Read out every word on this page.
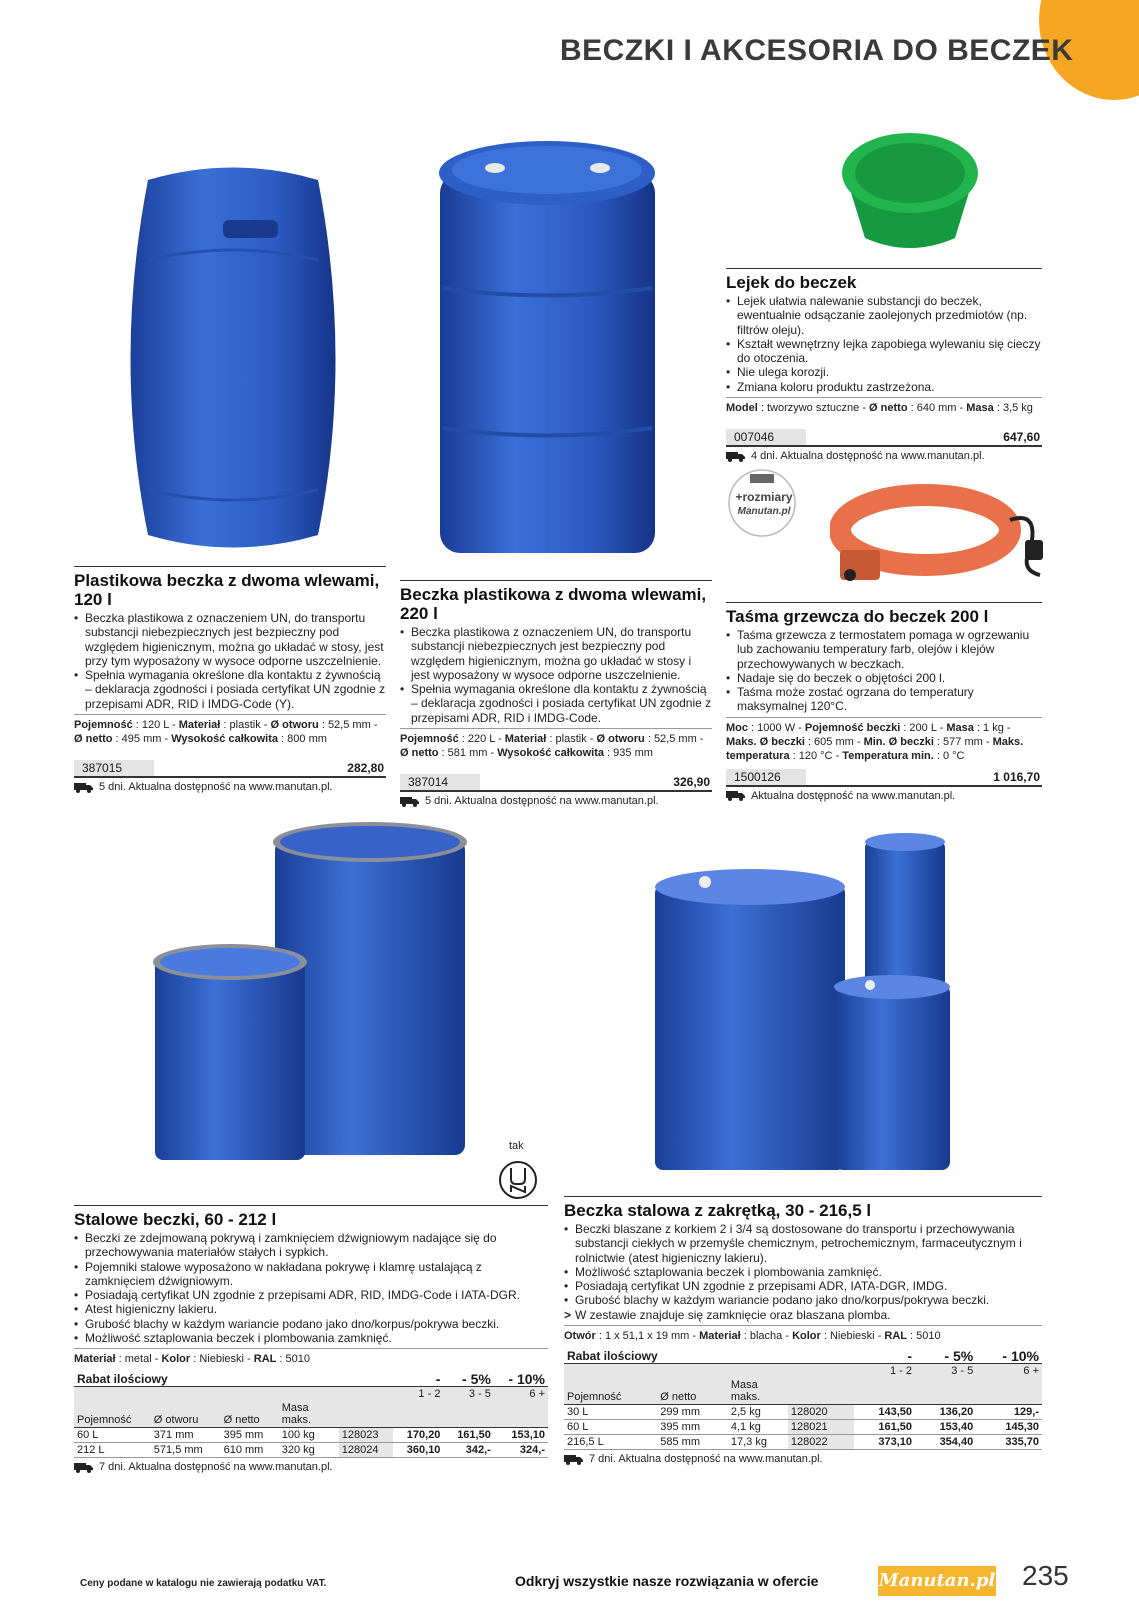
BECZKI I AKCESORIA DO BECZEK
+rozmiary
Manutan.pl
Lejek do beczek
• Lejek ułatwia nalewanie substancji do beczek, ewentualnie odsączanie zaolejonych przedmiotów (np. filtrów oleju).
• Kształt wewnętrzny lejka zapobiega wylewaniu się cieczy do otoczenia.
• Nie ulega korozji.
• Zmiana koloru produktu zastrzeżona.
Model : tworzywo sztuczne - Ø netto : 640 mm - Masa : 3,5 kg
007046	647,60
4 dni. Aktualna dostępność na www.manutan.pl.
Plastikowa beczka z dwoma wlewami, 120 l
• Beczka plastikowa z oznaczeniem UN, do transportu substancji niebezpiecznych jest bezpieczny pod względem higienicznym, można go układać w stosy, jest przy tym wyposażony w wysoce odporne uszczelnienie.
• Spełnia wymagania określone dla kontaktu z żywnością – deklaracja zgodności i posiada certyfikat UN zgodnie z przepisami ADR, RID i IMDG-Code (Y).
Pojemność : 120 L - Materiał : plastik - Ø otworu : 52,5 mm - Ø netto : 495 mm - Wysokość całkowita : 800 mm
387015	282,80
5 dni. Aktualna dostępność na www.manutan.pl.
Beczka plastikowa z dwoma wlewami, 220 l
• Beczka plastikowa z oznaczeniem UN, do transportu substancji niebezpiecznych jest bezpieczny pod względem higienicznym, można go układać w stosy i jest wyposażony w wysoce odporne uszczelnienie.
• Spełnia wymagania określone dla kontaktu z żywnością – deklaracja zgodności i posiada certyfikat UN zgodnie z przepisami ADR, RID i IMDG-Code.
Pojemność : 220 L - Materiał : plastik - Ø otworu : 52,5 mm - Ø netto : 581 mm - Wysokość całkowita : 935 mm
387014	326,90
5 dni. Aktualna dostępność na www.manutan.pl.
Taśma grzewcza do beczek 200 l
• Taśma grzewcza z termostatem pomaga w ogrzewaniu lub zachowaniu temperatury farb, olejów i klejów przechowywanych w beczkach.
• Nadaje się do beczek o objętości 200 l.
• Taśma może zostać ogrzana do temperatury maksymalnej 120°C.
Moc : 1000 W - Pojemność beczki : 200 L - Masa : 1 kg - Maks. Ø beczki : 605 mm - Min. Ø beczki : 577 mm - Maks. temperatura : 120 °C - Temperatura min. : 0 °C
1500126	1 016,70
Aktualna dostępność na www.manutan.pl.
tak
Stalowe beczki, 60 - 212 l
• Beczki ze zdejmowaną pokrywą i zamknięciem dźwigniowym nadające się do przechowywania materiałów stałych i sypkich.
• Pojemniki stalowe wyposażono w nakładana pokrywę i klamrę ustalającą z zamknięciem dźwigniowym.
• Posiadają certyfikat UN zgodnie z przepisami ADR, RID, IMDG-Code i IATA-DGR.
• Atest higieniczny lakieru.
• Grubość blachy w każdym wariancie podano jako dno/korpus/pokrywa beczki.
• Możliwość sztaplowania beczek i plombowania zamknięć.
Materiał : metal - Kolor : Niebieski - RAL : 5010
Rabat ilościowy					-	- 5%	- 10%
					1 - 2	3 - 5	6 +
Pojemność	Ø otworu	Ø netto	Masa maks.				
60 L	371 mm	395 mm	100 kg	128023	170,20	161,50	153,10
212 L	571,5 mm	610 mm	320 kg	128024	360,10	342,-	324,-
7 dni. Aktualna dostępność na www.manutan.pl.
Beczka stalowa z zakrętką, 30 - 216,5 l
• Beczki blaszane z korkiem 2 i 3/4 są dostosowane do transportu i przechowywania substancji ciekłych w przemyśle chemicznym, petrochemicznym, farmaceutycznym i rolnictwie (atest higieniczny lakieru).
• Możliwość sztaplowania beczek i plombowania zamknięć.
• Posiadają certyfikat UN zgodnie z przepisami ADR, IATA-DGR, IMDG.
• Grubość blachy w każdym wariancie podano jako dno/korpus/pokrywa beczki.
> W zestawie znajduje się zamknięcie oraz blaszana plomba.
Otwór : 1 x 51,1 x 19 mm - Materiał : blacha - Kolor : Niebieski - RAL : 5010
Rabat ilościowy				-	- 5%	- 10%
				1 - 2	3 - 5	6 +
Pojemność	Ø netto	Masa maks.				
30 L	299 mm	2,5 kg	128020	143,50	136,20	129,-
60 L	395 mm	4,1 kg	128021	161,50	153,40	145,30
216,5 L	585 mm	17,3 kg	128022	373,10	354,40	335,70
7 dni. Aktualna dostępność na www.manutan.pl.
Ceny podane w katalogu nie zawierają podatku VAT.	Odkryj wszystkie nasze rozwiązania w ofercie	Manutan.pl 235
